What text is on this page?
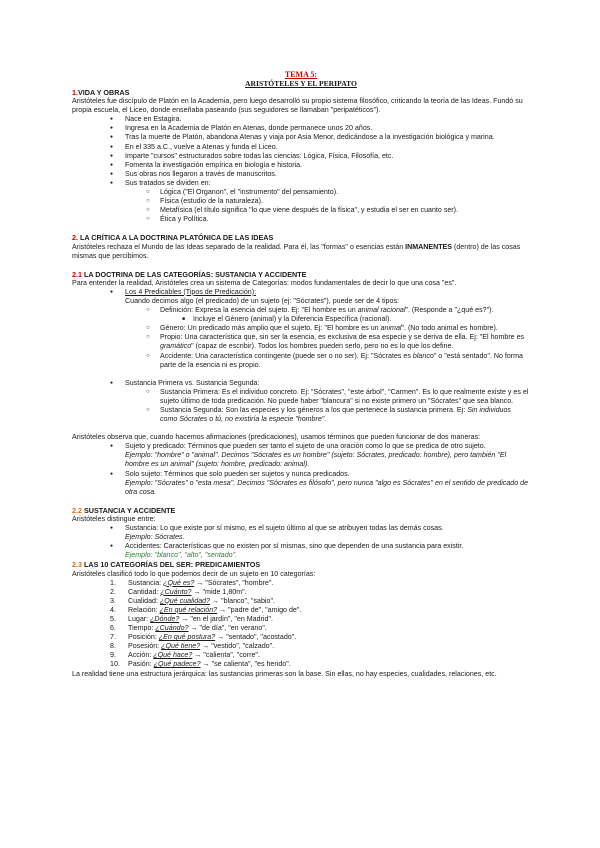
TEMA 5:
ARISTÓTELES Y EL PERIPATO
1.VIDA Y OBRAS

Aristóteles fue discípulo de Platón en la Academia, pero luego desarrolló su propio sistema filosófico, criticando la teoría de las Ideas. Fundó su propia escuela, el Liceo, donde enseñaba paseando (sus seguidores se llamaban "peripatéticos").

● Nace en Estagira.
● Ingresa en la Academia de Platón en Atenas, donde permanece unos 20 años.
● Tras la muerte de Platón, abandona Atenas y viaja por Asia Menor, dedicándose a la investigación biológica y marina.
● En el 335 a.C., vuelve a Atenas y funda el Liceo.
● Imparte "cursos" estructurados sobre todas las ciencias: Lógica, Física, Filosofía, etc.
● Fomenta la investigación empírica en biología e historia.
● Sus obras nos llegaron a través de manuscritos.
● Sus tratados se dividen en:
○ Lógica ("El Organon", el "instrumento" del pensamiento).
○ Física (estudio de la naturaleza).
○ Metafísica (el título significa "lo que viene después de la física", y estudia el ser en cuanto ser).
○ Ética y Política.
2. LA CRÍTICA A LA DOCTRINA PLATÓNICA DE LAS IDEAS

Aristóteles rechaza el Mundo de las Ideas separado de la realidad. Para él, las "formas" o esencias están INMANENTES (dentro) de las cosas mismas que percibimos.

2.1 LA DOCTRINA DE LAS CATEGORÍAS: SUSTANCIA Y ACCIDENTE

Para entender la realidad, Aristóteles crea un sistema de Categorías: modos fundamentales de decir lo que una cosa "es".

● Los 4 Predicables (Tipos de Predicación):
Cuando decimos algo (el predicado) de un sujeto (ej: "Sócrates"), puede ser de 4 tipos:
○ Definición: Expresa la esencia del sujeto. Ej: "El hombre es un animal racional". (Responde a "¿qué es?").
■ Incluye el Género (animal) y la Diferencia Específica (racional).
○ Género: Un predicado más amplio que el sujeto. Ej: "El hombre es un animal". (No todo animal es hombre).
○ Propio: Una característica que, sin ser la esencia, es exclusiva de esa especie y se deriva de ella. Ej: "El hombre es gramático" (capaz de escribir). Todos los hombres pueden serlo, pero no es lo que los define.
○ Accidente: Una característica contingente (puede ser o no ser). Ej: "Sócrates es blanco" o "está sentado". No forma parte de la esencia ni es propio.
● Sustancia Primera vs. Sustancia Segunda:
○ Sustancia Primera: Es el individuo concreto. Ej: "Sócrates", "este árbol", "Carmen". Es lo que realmente existe y es el sujeto último de toda predicación. No puede haber "blancura" si no existe primero un "Sócrates" que sea blanco.
○ Sustancia Segunda: Son las especies y los géneros a los que pertenece la sustancia primera. Ej: Sin individuos como Sócrates o tú, no existiría la especie "hombre".

Aristóteles observa que, cuando hacemos afirmaciones (predicaciones), usamos términos que pueden funcionar de dos maneras:

● Sujeto y predicado: Términos que pueden ser tanto el sujeto de una oración como lo que se predica de otro sujeto.
Ejemplo: "hombre" o "animal". Decimos "Sócrates es un hombre" (sujeto: Sócrates, predicado: hombre), pero también "El hombre es un animal" (sujeto: hombre, predicado: animal).
● Solo sujeto: Términos que solo pueden ser sujetos y nunca predicados.
Ejemplo: "Sócrates" o "esta mesa". Decimos "Sócrates es filósofo", pero nunca "algo es Sócrates" en el sentido de predicado de otra cosa.
2.2 SUSTANCIA Y ACCIDENTE

Aristóteles distingue entre:

● Sustancia: Lo que existe por sí mismo, es el sujeto último al que se atribuyen todas las demás cosas.
Ejemplo: Sócrates.
● Accidentes: Características que no existen por sí mismas, sino que dependen de una sustancia para existir.
Ejemplo: "blanco", "alto", "sentado".
2.3 LAS 10 CATEGORÍAS DEL SER: PREDICAMIENTOS

Aristóteles clasificó todo lo que podemos decir de un sujeto en 10 categorías:

1. Sustancia: ¿Qué es? → "Sócrates", "hombre".
2. Cantidad: ¿Cuánto? → "mide 1,80m".
3. Cualidad: ¿Qué cualidad? → "blanco", "sabio".
4. Relación: ¿En qué relación? → "padre de", "amigo de".
5. Lugar: ¿Dónde? → "en el jardín", "en Madrid".
6. Tiempo: ¿Cuándo? → "de día", "en verano".
7. Posición: ¿En qué postura? → "sentado", "acostado".
8. Posesión: ¿Qué tiene? → "vestido", "calzado".
9. Acción: ¿Qué hace? → "calienta", "corre".
10. Pasión: ¿Qué padece? → "se calienta", "es herido".

La realidad tiene una estructura jerárquica: las sustancias primeras son la base. Sin ellas, no hay especies, cualidades, relaciones, etc.
